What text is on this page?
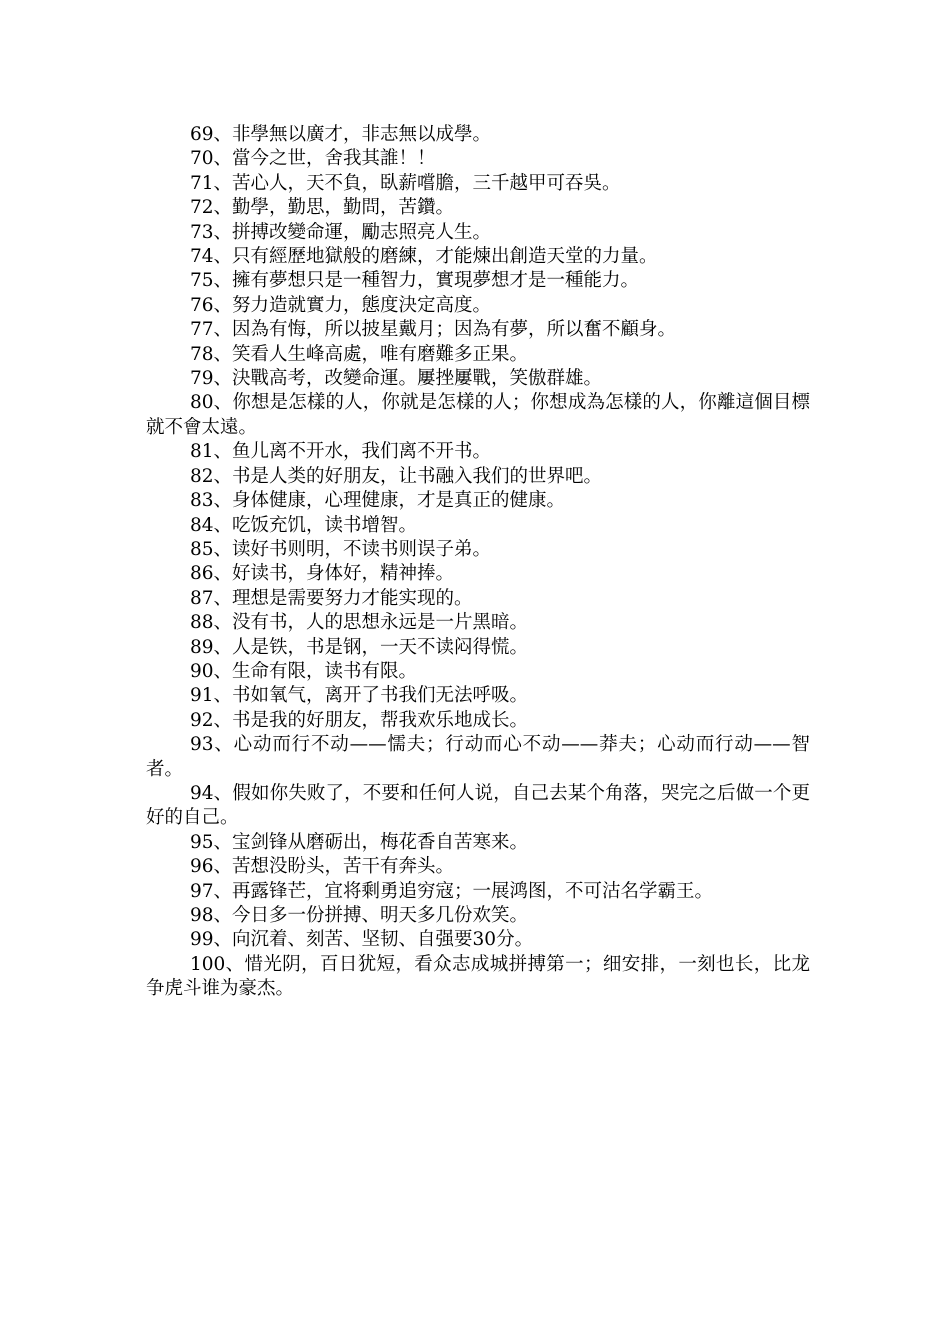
69、非學無以廣才，非志無以成學。

70、當今之世，舍我其誰！！

71、苦心人，天不負，臥薪嚐膽，三千越甲可吞吳。

72、勤學，勤思，勤問，苦鑽。

73、拼搏改變命運，勵志照亮人生。

74、只有經歷地獄般的磨練，才能煉出創造天堂的力量。

75、擁有夢想只是一種智力，實現夢想才是一種能力。

76、努力造就實力，態度決定高度。

77、因為有悔，所以披星戴月；因為有夢，所以奮不顧身。

78、笑看人生峰高處，唯有磨難多正果。

79、決戰高考，改變命運。屢挫屢戰，笑傲群雄。

80、你想是怎樣的人，你就是怎樣的人；你想成為怎樣的人，你離這個目標就不會太遠。

81、鱼儿离不开水，我们离不开书。

82、书是人类的好朋友，让书融入我们的世界吧。

83、身体健康，心理健康，才是真正的健康。

84、吃饭充饥，读书增智。

85、读好书则明，不读书则误子弟。

86、好读书，身体好，精神捧。

87、理想是需要努力才能实现的。

88、没有书，人的思想永远是一片黑暗。

89、人是铁，书是钢，一天不读闷得慌。

90、生命有限，读书有限。

91、书如氧气，离开了书我们无法呼吸。

92、书是我的好朋友，帮我欢乐地成长。

93、心动而行不动——懦夫；行动而心不动——莽夫；心动而行动——智者。

94、假如你失败了，不要和任何人说，自己去某个角落，哭完之后做一个更好的自己。

95、宝剑锋从磨砺出，梅花香自苦寒来。

96、苦想没盼头，苦干有奔头。

97、再露锋芒，宜将剩勇追穷寇；一展鸿图，不可沽名学霸王。

98、今日多一份拼搏、明天多几份欢笑。

99、向沉着、刻苦、坚韧、自强要30分。

100、惜光阴，百日犹短，看众志成城拼搏第一；细安排，一刻也长，比龙争虎斗谁为豪杰。
